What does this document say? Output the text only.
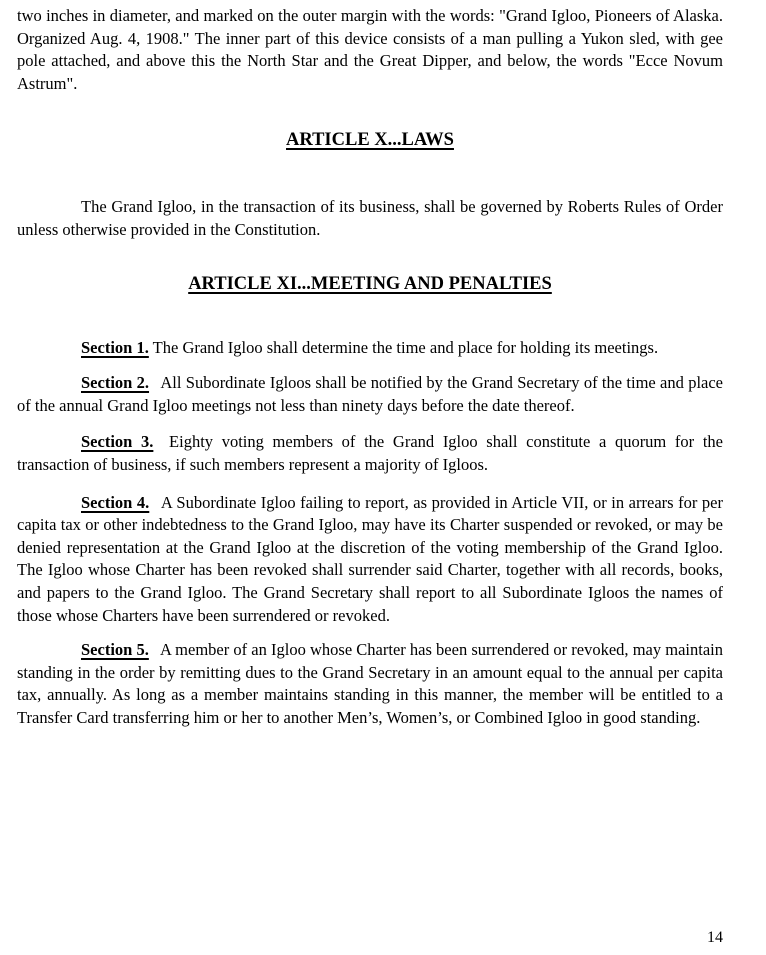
two inches in diameter, and marked on the outer margin with the words: "Grand Igloo, Pioneers of Alaska. Organized Aug. 4, 1908." The inner part of this device consists of a man pulling a Yukon sled, with gee pole attached, and above this the North Star and the Great Dipper, and below, the words "Ecce Novum Astrum".

ARTICLE X...LAWS

The Grand Igloo, in the transaction of its business, shall be governed by Roberts Rules of Order unless otherwise provided in the Constitution.

ARTICLE XI...MEETING AND PENALTIES

Section 1. The Grand Igloo shall determine the time and place for holding its meetings.

Section 2. All Subordinate Igloos shall be notified by the Grand Secretary of the time and place of the annual Grand Igloo meetings not less than ninety days before the date thereof.

Section 3. Eighty voting members of the Grand Igloo shall constitute a quorum for the transaction of business, if such members represent a majority of Igloos.

Section 4. A Subordinate Igloo failing to report, as provided in Article VII, or in arrears for per capita tax or other indebtedness to the Grand Igloo, may have its Charter suspended or revoked, or may be denied representation at the Grand Igloo at the discretion of the voting membership of the Grand Igloo. The Igloo whose Charter has been revoked shall surrender said Charter, together with all records, books, and papers to the Grand Igloo. The Grand Secretary shall report to all Subordinate Igloos the names of those whose Charters have been surrendered or revoked.

Section 5. A member of an Igloo whose Charter has been surrendered or revoked, may maintain standing in the order by remitting dues to the Grand Secretary in an amount equal to the annual per capita tax, annually. As long as a member maintains standing in this manner, the member will be entitled to a Transfer Card transferring him or her to another Men’s, Women’s, or Combined Igloo in good standing.

14
